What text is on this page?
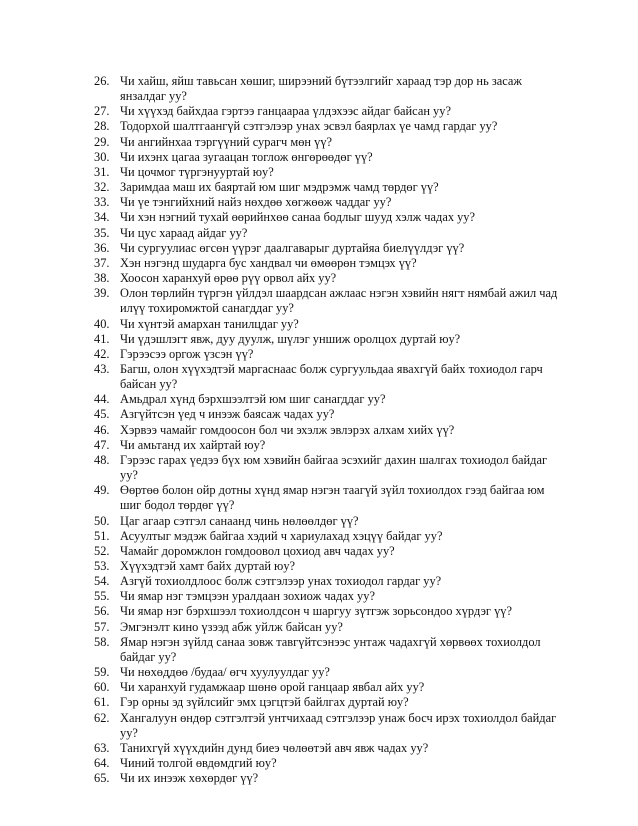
26. Чи хайш, яйш тавьсан хөшиг, ширээний бүтээлгийг хараад тэр дор нь засаж янзалдаг уу?
27. Чи хүүхэд байхдаа гэртээ ганцаараа үлдэхээс айдаг байсан уу?
28. Тодорхой шалтгаангүй сэтгэлээр унах эсвэл баярлах үе чамд гардаг уу?
29. Чи ангийнхаа тэргүүний сурагч мөн үү?
30. Чи ихэнх цагаа зугаацан тоглож өнгөрөөдөг үү?
31. Чи цочмог түргэнууртай юу?
32. Заримдаа маш их баяртай юм шиг мэдрэмж чамд төрдөг үү?
33. Чи үе тэнгийхний найз нөхдөө хөгжөөж чаддаг уу?
34. Чи хэн нэгний тухай өөрийнхөө санаа бодлыг шууд хэлж чадах уу?
35. Чи цус хараад айдаг уу?
36. Чи сургуулиас өгсөн үүрэг даалгаварыг дуртайяа биелүүлдэг үү?
37. Хэн нэгэнд шударга бус хандвал чи өмөөрөн тэмцэх үү?
38. Хоосон харанхуй өрөө рүү орвол айх уу?
39. Олон төрлийн түргэн үйлдэл шаардсан ажлаас нэгэн хэвийн нягт нямбай ажил чад илүү тохиромжтой санагддаг уу?
40. Чи хүнтэй амархан танилцдаг уу?
41. Чи үдэшлэгт явж, дуу дуулж, шүлэг уншиж оролцох дуртай юу?
42. Гэрээсээ оргож үзсэн үү?
43. Багш, олон хүүхэдтэй маргаснаас болж сургуульдаа явахгүй байх тохиодол гарч байсан уу?
44. Амьдрал хүнд бэрхшээлтэй юм шиг санагддаг уу?
45. Азгүйтсэн үед ч инээж баясаж чадах уу?
46. Хэрвээ чамайг гомдоосон бол чи эхэлж эвлэрэх алхам хийх үү?
47. Чи амьтанд их хайртай юу?
48. Гэрээс гарах үедээ бүх юм хэвийн байгаа эсэхийг дахин шалгах тохиодол байдаг уу?
49. Өөртөө болон ойр дотны хүнд ямар нэгэн таагүй зүйл тохиолдох гээд байгаа юм шиг бодол төрдөг үү?
50. Цаг агаар сэтгэл санаанд чинь нөлөөлдөг үү?
51. Асуултыг мэдэж байгаа хэдий ч хариулахад хэцүү байдаг уу?
52. Чамайг доромжлон гомдоовол цохиод авч чадах уу?
53. Хүүхэдтэй хамт байх дуртай юу?
54. Азгүй тохиолдлоос болж сэтгэлээр унах тохиодол гардаг уу?
55. Чи ямар нэг тэмцээн уралдаан зохиож чадах уу?
56. Чи ямар нэг бэрхшээл тохиолдсон ч шаргуу зүтгэж зорьсондоо хүрдэг үү?
57. Эмгэнэлт кино үзээд абж уйлж байсан уу?
58. Ямар нэгэн зүйлд санаа зовж тавгүйтсэнээс унтаж чадахгүй хөрвөөх тохиолдол байдаг уу?
59. Чи нөхөддөө /будаа/ өгч хуулуулдаг уу?
60. Чи харанхуй гудамжаар шөнө орой ганцаар явбал айх уу?
61. Гэр орны эд зүйлсийг эмх цэгцтэй байлгах дуртай юу?
62. Хангалуун өндөр сэтгэлтэй унтчихаад сэтгэлээр унаж босч ирэх тохиолдол байдаг уу?
63. Танихгүй хүүхдийн дунд биеэ чөлөөтэй авч явж чадах уу?
64. Чиний толгой өвдөмдгий юу?
65. Чи их инээж хөхөрдөг үү?
